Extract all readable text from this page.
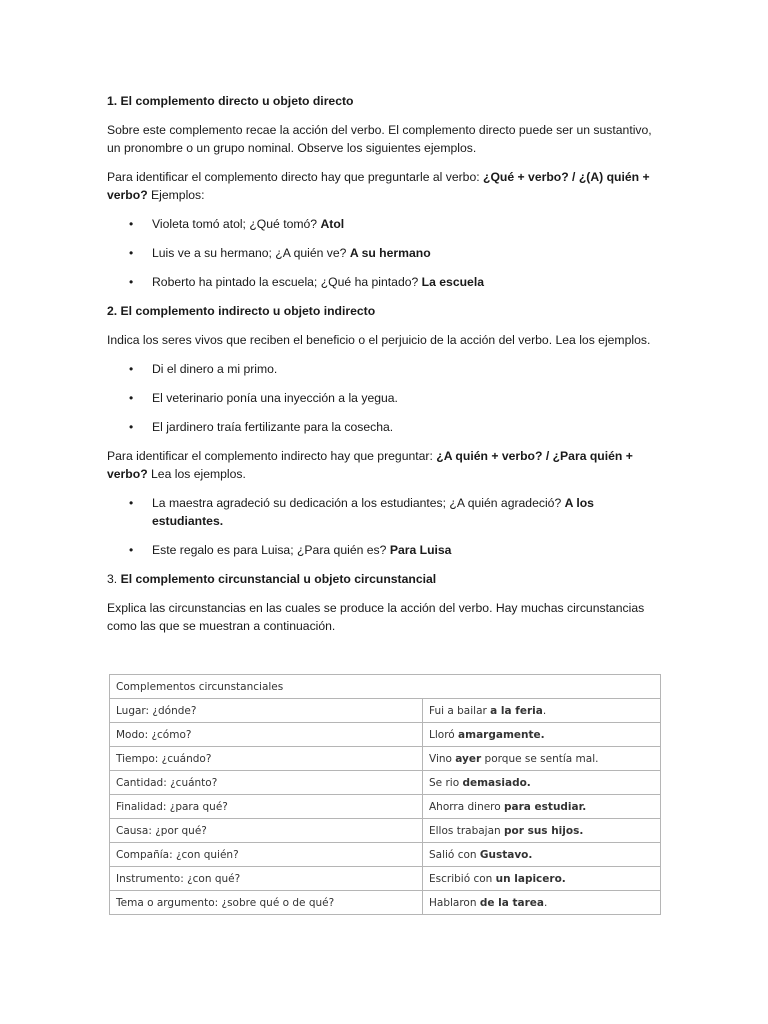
1. El complemento directo u objeto directo

Sobre este complemento recae la acción del verbo. El complemento directo puede ser un sustantivo, un pronombre o un grupo nominal. Observe los siguientes ejemplos.

Para identificar el complemento directo hay que preguntarle al verbo: ¿Qué + verbo? / ¿(A) quién + verbo? Ejemplos:

• Violeta tomó atol; ¿Qué tomó? Atol
• Luis ve a su hermano; ¿A quién ve? A su hermano
• Roberto ha pintado la escuela; ¿Qué ha pintado? La escuela
2. El complemento indirecto u objeto indirecto

Indica los seres vivos que reciben el beneficio o el perjuicio de la acción del verbo. Lea los ejemplos.

• Di el dinero a mi primo.
• El veterinario ponía una inyección a la yegua.
• El jardinero traía fertilizante para la cosecha.

Para identificar el complemento indirecto hay que preguntar: ¿A quién + verbo? / ¿Para quién + verbo? Lea los ejemplos.

• La maestra agradeció su dedicación a los estudiantes; ¿A quién agradeció? A los estudiantes.
• Este regalo es para Luisa; ¿Para quién es? Para Luisa
3. El complemento circunstancial u objeto circunstancial

Explica las circunstancias en las cuales se produce la acción del verbo. Hay muchas circunstancias como las que se muestran a continuación.

Complementos circunstanciales	
Lugar: ¿dónde?	Fui a bailar a la feria.
Modo: ¿cómo?	Lloró amargamente.
Tiempo: ¿cuándo?	Vino ayer porque se sentía mal.
Cantidad: ¿cuánto?	Se rio demasiado.
Finalidad: ¿para qué?	Ahorra dinero para estudiar.
Causa: ¿por qué?	Ellos trabajan por sus hijos.
Compañía: ¿con quién?	Salió con Gustavo.
Instrumento: ¿con qué?	Escribió con un lapicero.
Tema o argumento: ¿sobre qué o de qué?	Hablaron de la tarea.
